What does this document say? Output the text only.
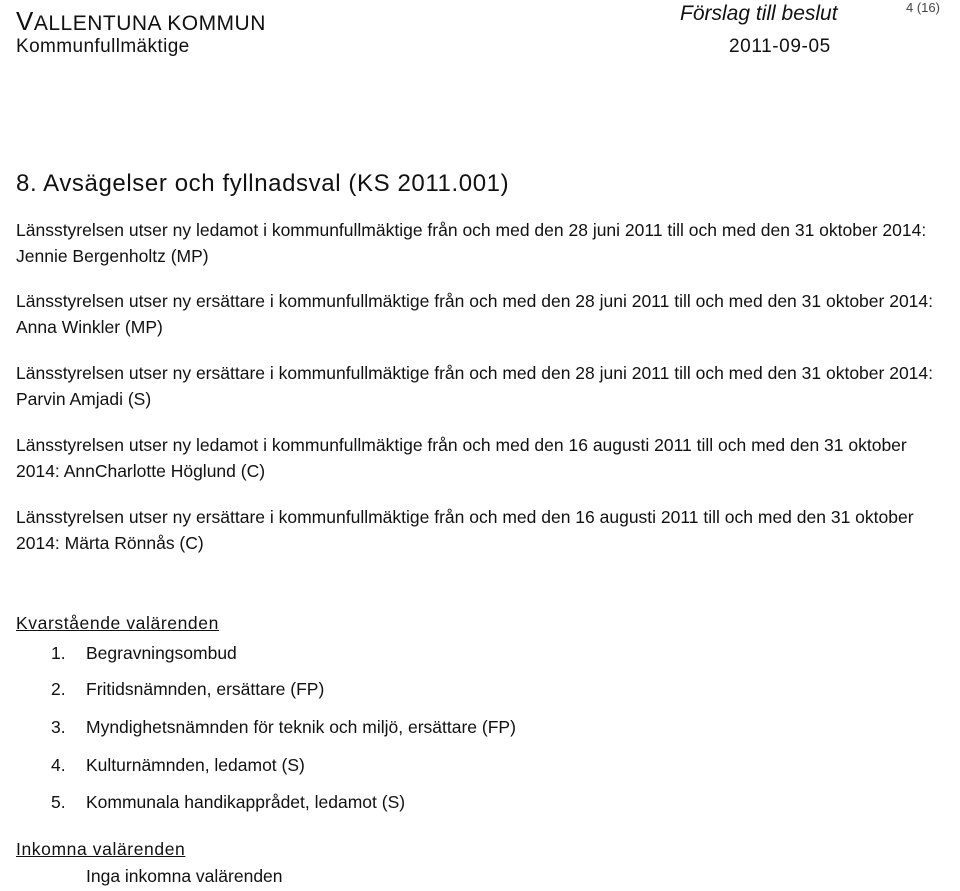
VALLENTUNA KOMMUN	Förslag till beslut	4 (16)
Kommunfullmäktige	2011-09-05
8. Avsägelser och fyllnadsval (KS 2011.001)
Länsstyrelsen utser ny ledamot i kommunfullmäktige från och med den 28 juni 2011 till och med den 31 oktober 2014: Jennie Bergenholtz (MP)
Länsstyrelsen utser ny ersättare i kommunfullmäktige från och med den 28 juni 2011 till och med den 31 oktober 2014: Anna Winkler (MP)
Länsstyrelsen utser ny ersättare i kommunfullmäktige från och med den 28 juni 2011 till och med den 31 oktober 2014: Parvin Amjadi (S)
Länsstyrelsen utser ny ledamot i kommunfullmäktige från och med den 16 augusti 2011 till och med den 31 oktober 2014: AnnCharlotte Höglund (C)
Länsstyrelsen utser ny ersättare i kommunfullmäktige från och med den 16 augusti 2011 till och med den 31 oktober 2014: Märta Rönnås (C)
Kvarstående valärenden
1. Begravningsombud
2. Fritidsnämnden, ersättare (FP)
3. Myndighetsnämnden för teknik och miljö, ersättare (FP)
4. Kulturnämnden, ledamot (S)
5. Kommunala handikapprådet, ledamot (S)
Inkomna valärenden
Inga inkomna valärenden
